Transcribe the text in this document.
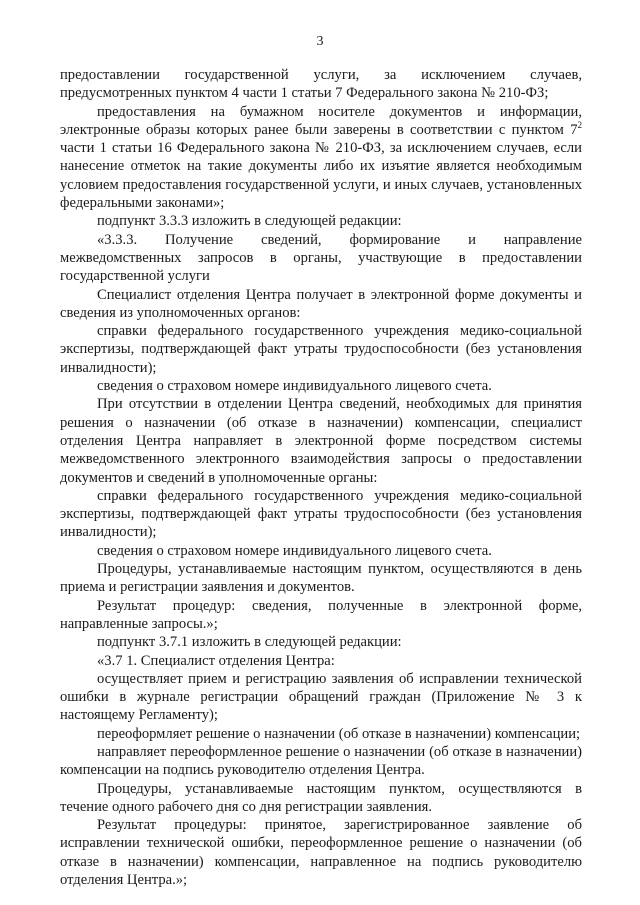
3

предоставлении государственной услуги, за исключением случаев, предусмотренных пунктом 4 части 1 статьи 7 Федерального закона № 210-ФЗ;

предоставления на бумажном носителе документов и информации, электронные образы которых ранее были заверены в соответствии с пунктом $7^2$ части 1 статьи 16 Федерального закона № 210-ФЗ, за исключением случаев, если нанесение отметок на такие документы либо их изъятие является необходимым условием предоставления государственной услуги, и иных случаев, установленных федеральными законами»;

подпункт 3.3.3 изложить в следующей редакции:

«3.3.3. Получение сведений, формирование и направление межведомственных запросов в органы, участвующие в предоставлении государственной услуги

Специалист отделения Центра получает в электронной форме документы и сведения из уполномоченных органов:

справки федерального государственного учреждения медико-социальной экспертизы, подтверждающей факт утраты трудоспособности (без установления инвалидности);

сведения о страховом номере индивидуального лицевого счета.

При отсутствии в отделении Центра сведений, необходимых для принятия решения о назначении (об отказе в назначении) компенсации, специалист отделения Центра направляет в электронной форме посредством системы межведомственного электронного взаимодействия запросы о предоставлении документов и сведений в уполномоченные органы:

справки федерального государственного учреждения медико-социальной экспертизы, подтверждающей факт утраты трудоспособности (без установления инвалидности);

сведения о страховом номере индивидуального лицевого счета.

Процедуры, устанавливаемые настоящим пунктом, осуществляются в день приема и регистрации заявления и документов.

Результат процедур: сведения, полученные в электронной форме, направленные запросы.»;

подпункт 3.7.1 изложить в следующей редакции:

«3.7 1. Специалист отделения Центра:

осуществляет прием и регистрацию заявления об исправлении технической ошибки в журнале регистрации обращений граждан (Приложение № 3 к настоящему Регламенту);

переоформляет решение о назначении (об отказе в назначении) компенсации;

направляет переоформленное решение о назначении (об отказе в назначении) компенсации на подпись руководителю отделения Центра.

Процедуры, устанавливаемые настоящим пунктом, осуществляются в течение одного рабочего дня со дня регистрации заявления.

Результат процедуры: принятое, зарегистрированное заявление об исправлении технической ошибки, переоформленное решение о назначении (об отказе в назначении) компенсации, направленное на подпись руководителю отделения Центра.»;
